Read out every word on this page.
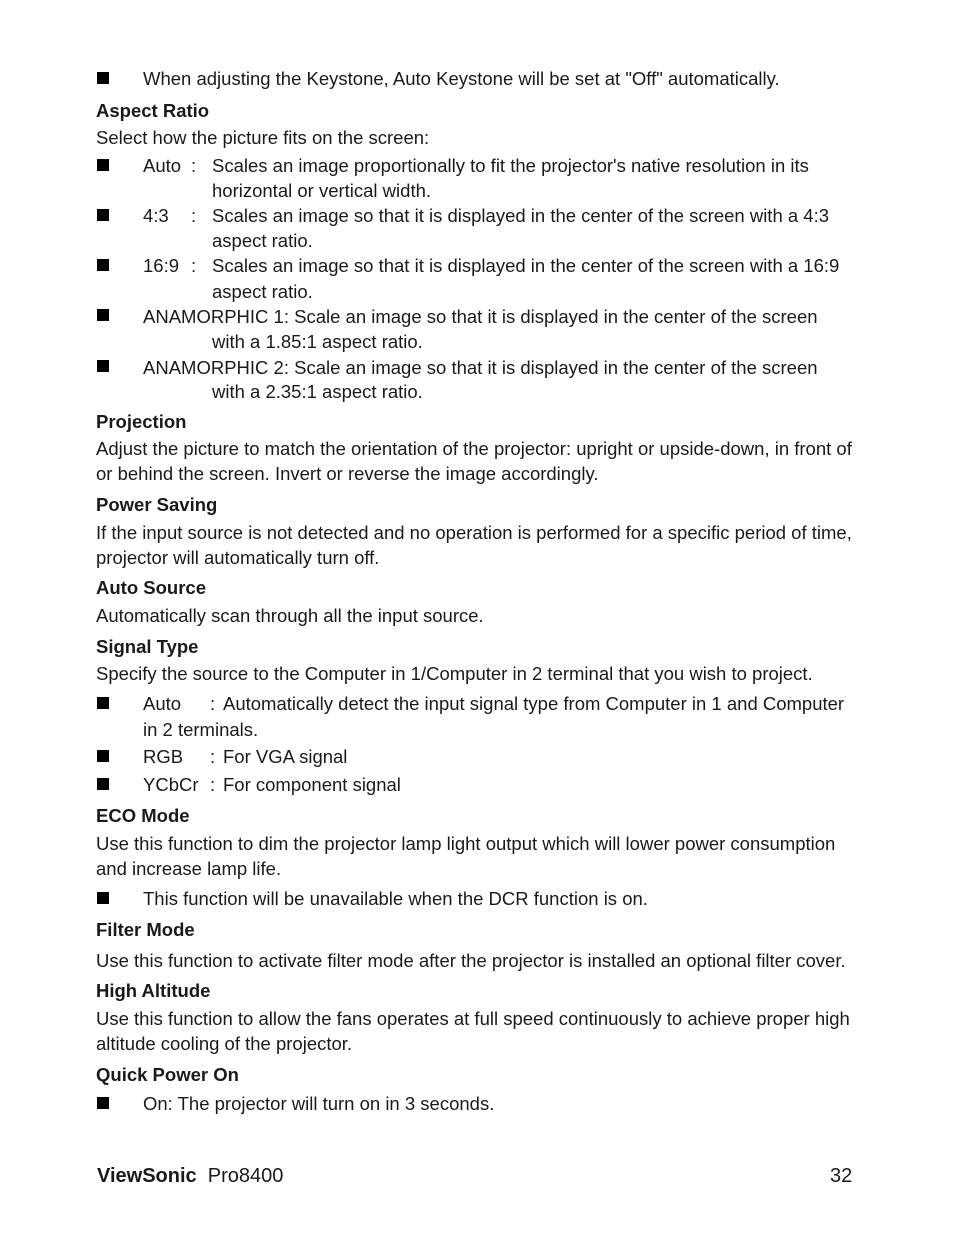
When adjusting the Keystone, Auto Keystone will be set at "Off" automatically.
Aspect Ratio
Select how the picture fits on the screen:
Auto : Scales an image proportionally to fit the projector's native resolution in its
horizontal or vertical width.
4:3 : Scales an image so that it is displayed in the center of the screen with a 4:3
aspect ratio.
16:9 : Scales an image so that it is displayed in the center of the screen with a 16:9
aspect ratio.
ANAMORPHIC 1: Scale an image so that it is displayed in the center of the screen
with a 1.85:1 aspect ratio.
ANAMORPHIC 2: Scale an image so that it is displayed in the center of the screen
with a 2.35:1 aspect ratio.
Projection
Adjust the picture to match the orientation of the projector: upright or upside-down, in front of
or behind the screen. Invert or reverse the image accordingly.
Power Saving
If the input source is not detected and no operation is performed for a specific period of time,
projector will automatically turn off.
Auto Source
Automatically scan through all the input source.
Signal Type
Specify the source to the Computer in 1/Computer in 2 terminal that you wish to project.
Auto : Automatically detect the input signal type from Computer in 1 and Computer
in 2 terminals.
RGB : For VGA signal
YCbCr : For component signal
ECO Mode
Use this function to dim the projector lamp light output which will lower power consumption
and increase lamp life.
This function will be unavailable when the DCR function is on.
Filter Mode
Use this function to activate filter mode after the projector is installed an optional filter cover.
High Altitude
Use this function to allow the fans operates at full speed continuously to achieve proper high
altitude cooling of the projector.
Quick Power On
On: The projector will turn on in 3 seconds.
ViewSonic Pro8400	32
